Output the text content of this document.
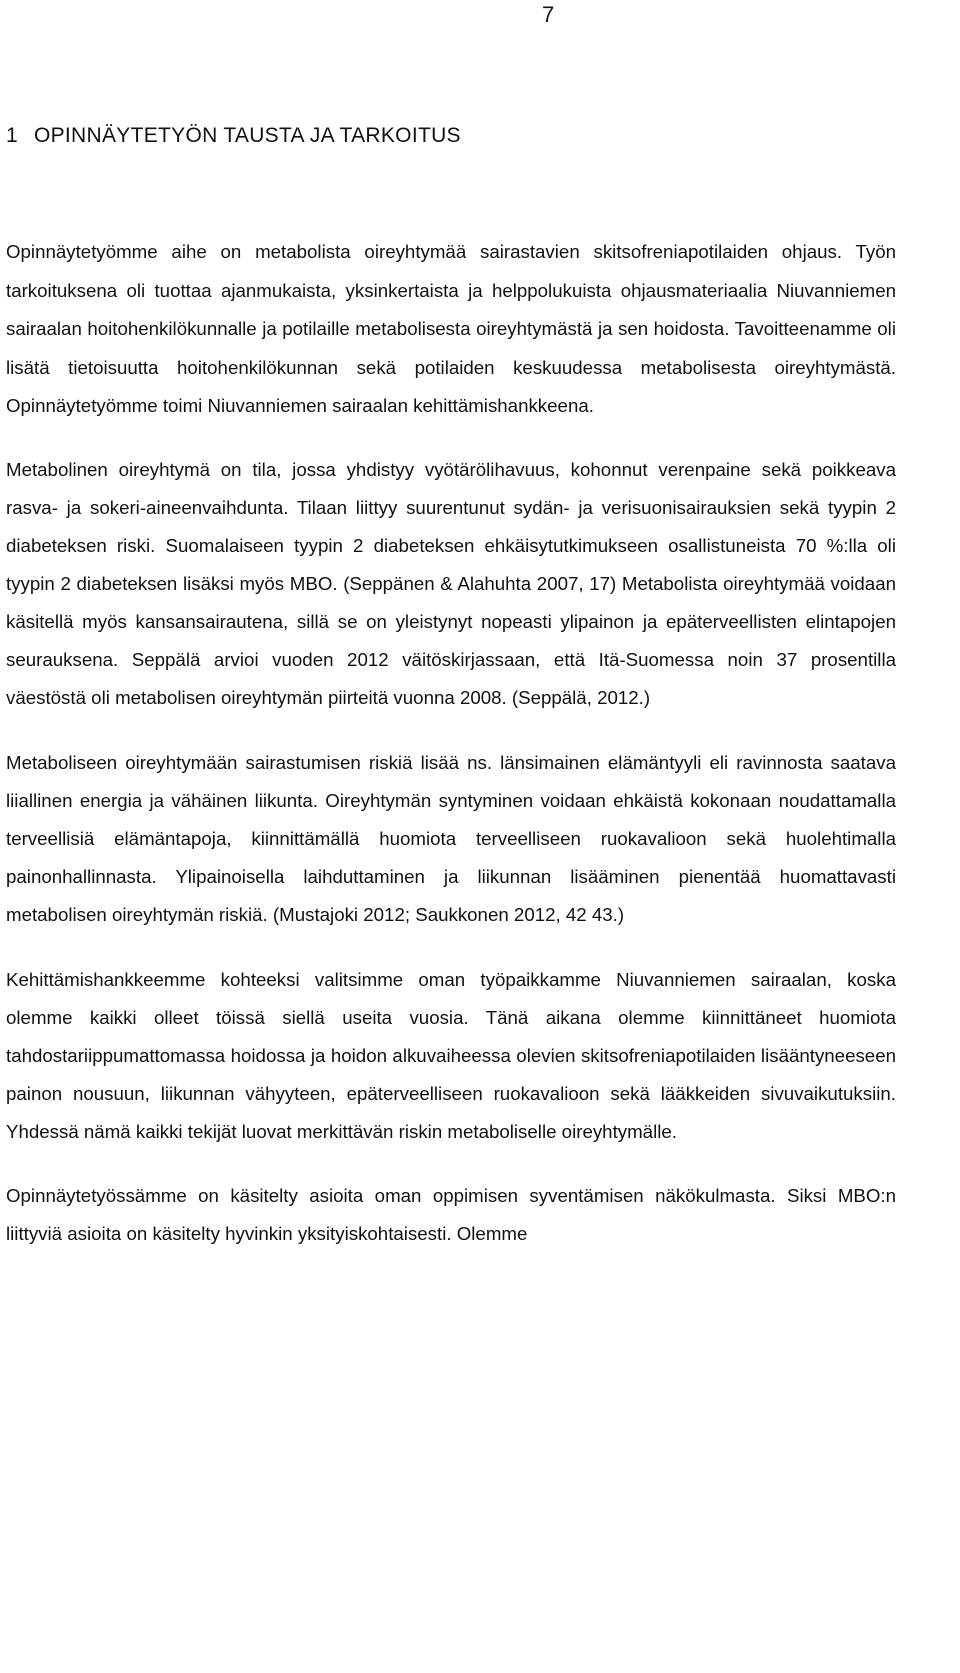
7
1 OPINNÄYTETYÖN TAUSTA JA TARKOITUS

Opinnäytetyömme aihe on metabolista oireyhtymää sairastavien skitsofreniapotilaiden ohjaus. Työn tarkoituksena oli tuottaa ajanmukaista, yksinkertaista ja helppolukuista ohjausmateriaalia Niuvanniemen sairaalan hoitohenkilökunnalle ja potilaille metabolisesta oireyhtymästä ja sen hoidosta. Tavoitteenamme oli lisätä tietoisuutta hoitohenkilökunnan sekä potilaiden keskuudessa metabolisesta oireyhtymästä. Opinnäytetyömme toimi Niuvanniemen sairaalan kehittämishankkeena.

Metabolinen oireyhtymä on tila, jossa yhdistyy vyötärölihavuus, kohonnut verenpaine sekä poikkeava rasva- ja sokeri-aineenvaihdunta. Tilaan liittyy suurentunut sydän- ja verisuonisairauksien sekä tyypin 2 diabeteksen riski. Suomalaiseen tyypin 2 diabeteksen ehkäisytutkimukseen osallistuneista 70 %:lla oli tyypin 2 diabeteksen lisäksi myös MBO. (Seppänen & Alahuhta 2007, 17) Metabolista oireyhtymää voidaan käsitellä myös kansansairautena, sillä se on yleistynyt nopeasti ylipainon ja epäterveellisten elintapojen seurauksena. Seppälä arvioi vuoden 2012 väitöskirjassaan, että Itä-Suomessa noin 37 prosentilla väestöstä oli metabolisen oireyhtymän piirteitä vuonna 2008. (Seppälä, 2012.)

Metaboliseen oireyhtymään sairastumisen riskiä lisää ns. länsimainen elämäntyyli eli ravinnosta saatava liiallinen energia ja vähäinen liikunta. Oireyhtymän syntyminen voidaan ehkäistä kokonaan noudattamalla terveellisiä elämäntapoja, kiinnittämällä huomiota terveelliseen ruokavalioon sekä huolehtimalla painonhallinnasta. Ylipainoisella laihduttaminen ja liikunnan lisääminen pienentää huomattavasti metabolisen oireyhtymän riskiä. (Mustajoki 2012; Saukkonen 2012, 42 43.)

Kehittämishankkeemme kohteeksi valitsimme oman työpaikkamme Niuvanniemen sairaalan, koska olemme kaikki olleet töissä siellä useita vuosia. Tänä aikana olemme kiinnittäneet huomiota tahdostariippumattomassa hoidossa ja hoidon alkuvaiheessa olevien skitsofreniapotilaiden lisääntyneeseen painon nousuun, liikunnan vähyyteen, epäterveelliseen ruokavalioon sekä lääkkeiden sivuvaikutuksiin. Yhdessä nämä kaikki tekijät luovat merkittävän riskin metaboliselle oireyhtymälle.

Opinnäytetyössämme on käsitelty asioita oman oppimisen syventämisen näkökulmasta. Siksi MBO:n liittyviä asioita on käsitelty hyvinkin yksityiskohtaisesti. Olemme
